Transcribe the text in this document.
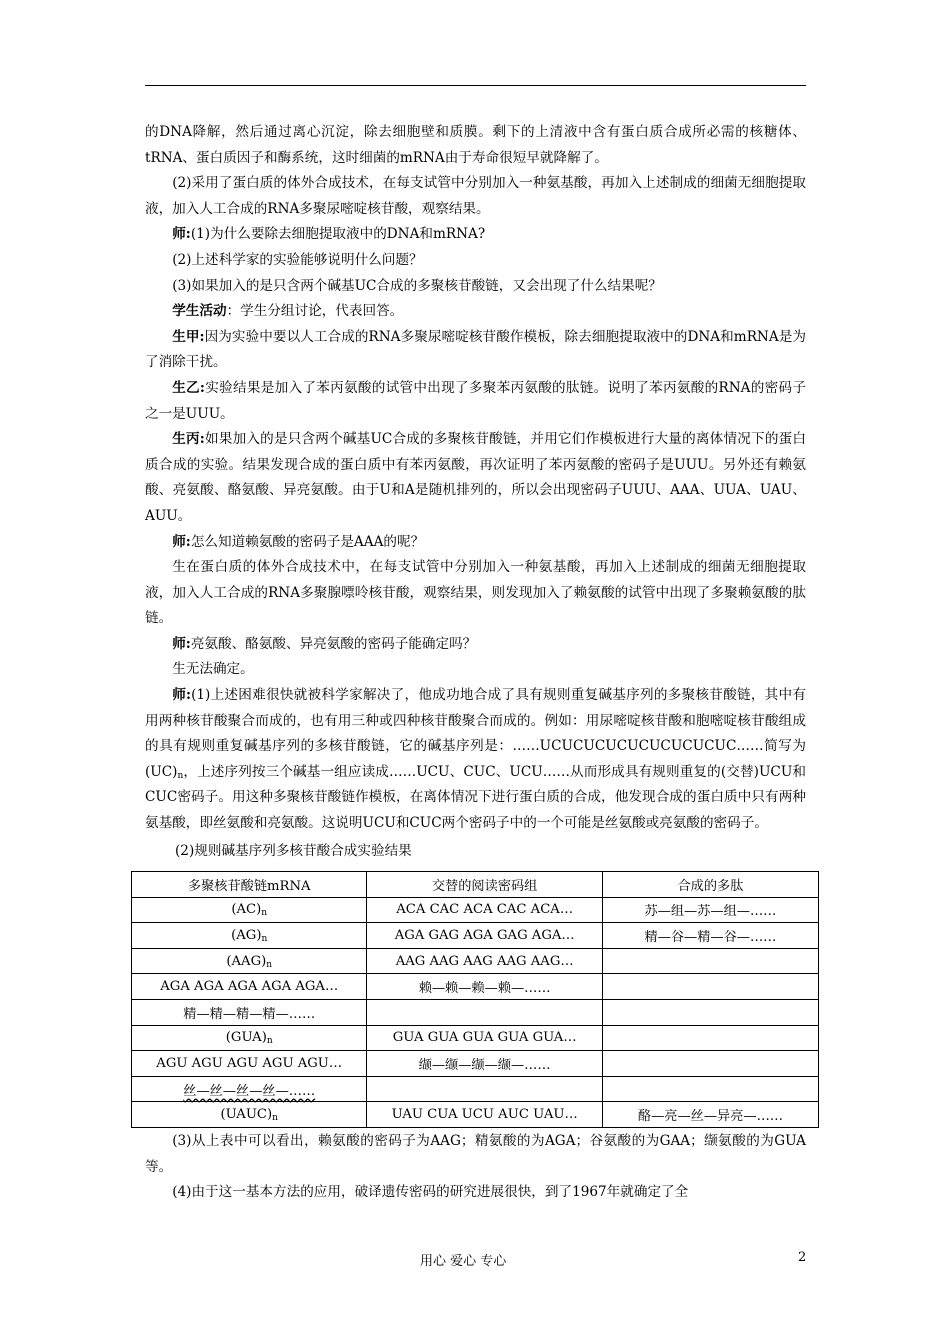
的DNA降解，然后通过离心沉淀，除去细胞壁和质膜。剩下的上清液中含有蛋白质合成所必需的核糖体、tRNA、蛋白质因子和酶系统，这时细菌的mRNA由于寿命很短早就降解了。

(2)采用了蛋白质的体外合成技术，在每支试管中分别加入一种氨基酸，再加入上述制成的细菌无细胞提取液，加入人工合成的RNA多聚尿嘧啶核苷酸，观察结果。

师:(1)为什么要除去细胞提取液中的DNA和mRNA?

(2)上述科学家的实验能够说明什么问题？

(3)如果加入的是只含两个碱基UC合成的多聚核苷酸链，又会出现了什么结果呢？

学生活动：学生分组讨论，代表回答。

生甲:因为实验中要以人工合成的RNA多聚尿嘧啶核苷酸作模板，除去细胞提取液中的DNA和mRNA是为了消除干扰。

生乙:实验结果是加入了苯丙氨酸的试管中出现了多聚苯丙氨酸的肽链。说明了苯丙氨酸的RNA的密码子之一是UUU。

生丙:如果加入的是只含两个碱基UC合成的多聚核苷酸链，并用它们作模板进行大量的离体情况下的蛋白质合成的实验。结果发现合成的蛋白质中有苯丙氨酸，再次证明了苯丙氨酸的密码子是UUU。另外还有赖氨酸、亮氨酸、酪氨酸、异亮氨酸。由于U和A是随机排列的，所以会出现密码子UUU、AAA、UUA、UAU、AUU。

师:怎么知道赖氨酸的密码子是AAA的呢？

生在蛋白质的体外合成技术中，在每支试管中分别加入一种氨基酸，再加入上述制成的细菌无细胞提取液，加入人工合成的RNA多聚腺嘌呤核苷酸，观察结果，则发现加入了赖氨酸的试管中出现了多聚赖氨酸的肽链。

师:亮氨酸、酪氨酸、异亮氨酸的密码子能确定吗？

生无法确定。

师:(1)上述困难很快就被科学家解决了，他成功地合成了具有规则重复碱基序列的多聚核苷酸链，其中有用两种核苷酸聚合而成的，也有用三种或四种核苷酸聚合而成的。例如：用尿嘧啶核苷酸和胞嘧啶核苷酸组成的具有规则重复碱基序列的多核苷酸链，它的碱基序列是：……UCUCUCUCUCUCUCUCUC……简写为$(UC)_n$，上述序列按三个碱基一组应读成……UCU、CUC、UCU……从而形成具有规则重复的(交替)UCU和CUC密码子。用这种多聚核苷酸链作模板，在离体情况下进行蛋白质的合成，他发现合成的蛋白质中只有两种氨基酸，即丝氨酸和亮氨酸。这说明UCU和CUC两个密码子中的一个可能是丝氨酸或亮氨酸的密码子。

(2)规则碱基序列多核苷酸合成实验结果

多聚核苷酸链mRNA	交替的阅读密码组	合成的多肽
$(AC)_n$	ACA CAC ACA CAC ACA…	苏—组—苏—组—……
$(AG)_n$	AGA GAG AGA GAG AGA…	精—谷—精—谷—……
$(AAG)_n$	AAG AAG AAG AAG AAG…	
AGA AGA AGA AGA AGA…	赖—赖—赖—赖—……	
精—精—精—精—……		
$(GUA)_n$	GUA GUA GUA GUA GUA…	
AGU AGU AGU AGU AGU…	缬—缬—缬—缬—……	
丝—丝—丝—丝—……		
$(UAUC)_n$	UAU CUA UCU AUC UAU…	酪—亮—丝—异亮—……

(3)从上表中可以看出，赖氨酸的密码子为AAG；精氨酸的为AGA；谷氨酸的为GAA；缬氨酸的为GUA等。

(4)由于这一基本方法的应用，破译遗传密码的研究进展很快，到了1967年就确定了全

用心 爱心 专心	2
